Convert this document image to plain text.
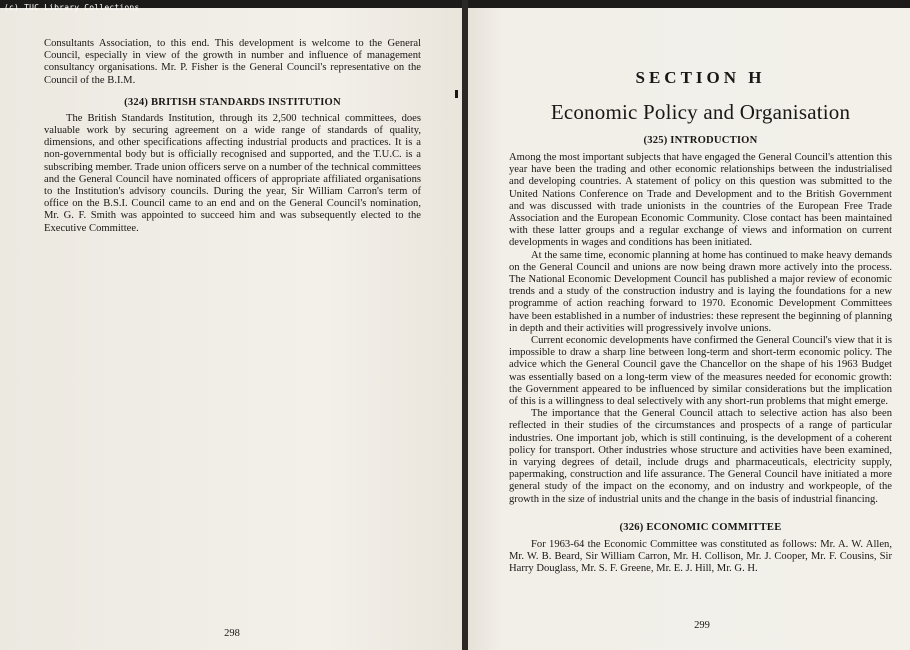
(c) TUC Library Collections

Consultants Association, to this end. This development is welcome to the General Council, especially in view of the growth in number and influence of management consultancy organisations. Mr. P. Fisher is the General Council's representative on the Council of the B.I.M.

(324) BRITISH STANDARDS INSTITUTION

The British Standards Institution, through its 2,500 technical committees, does valuable work by securing agreement on a wide range of standards of quality, dimensions, and other specifications affecting industrial products and practices. It is a non-governmental body but is officially recognised and supported, and the T.U.C. is a subscribing member. Trade union officers serve on a number of the technical committees and the General Council have nominated officers of appropriate affiliated organisations to the Institution's advisory councils. During the year, Sir William Carron's term of office on the B.S.I. Council came to an end and on the General Council's nomination, Mr. G. F. Smith was appointed to succeed him and was subsequently elected to the Executive Committee.

298

SECTION H

Economic Policy and Organisation

(325) INTRODUCTION

Among the most important subjects that have engaged the General Council's attention this year have been the trading and other economic relationships between the industrialised and developing countries. A statement of policy on this question was submitted to the United Nations Conference on Trade and Development and to the British Government and was discussed with trade unionists in the countries of the European Free Trade Association and the European Economic Community. Close contact has been maintained with these latter groups and a regular exchange of views and information on current developments in wages and conditions has been initiated.

At the same time, economic planning at home has continued to make heavy demands on the General Council and unions are now being drawn more actively into the process. The National Economic Development Council has published a major review of economic trends and a study of the construction industry and is laying the foundations for a new programme of action reaching forward to 1970. Economic Development Committees have been established in a number of industries: these represent the beginning of planning in depth and their activities will progressively involve unions.

Current economic developments have confirmed the General Council's view that it is impossible to draw a sharp line between long-term and short-term economic policy. The advice which the General Council gave the Chancellor on the shape of his 1963 Budget was essentially based on a long-term view of the measures needed for economic growth: the Government appeared to be influenced by similar considerations but the implication of this is a willingness to deal selectively with any short-run problems that might emerge.

The importance that the General Council attach to selective action has also been reflected in their studies of the circumstances and prospects of a range of particular industries. One important job, which is still continuing, is the development of a coherent policy for transport. Other industries whose structure and activities have been examined, in varying degrees of detail, include drugs and pharmaceuticals, electricity supply, papermaking, construction and life assurance. The General Council have initiated a more general study of the impact on the economy, and on industry and workpeople, of the growth in the size of industrial units and the change in the basis of industrial financing.

(326) ECONOMIC COMMITTEE

For 1963-64 the Economic Committee was constituted as follows: Mr. A. W. Allen, Mr. W. B. Beard, Sir William Carron, Mr. H. Collison, Mr. J. Cooper, Mr. F. Cousins, Sir Harry Douglass, Mr. S. F. Greene, Mr. E. J. Hill, Mr. G. H.

299
